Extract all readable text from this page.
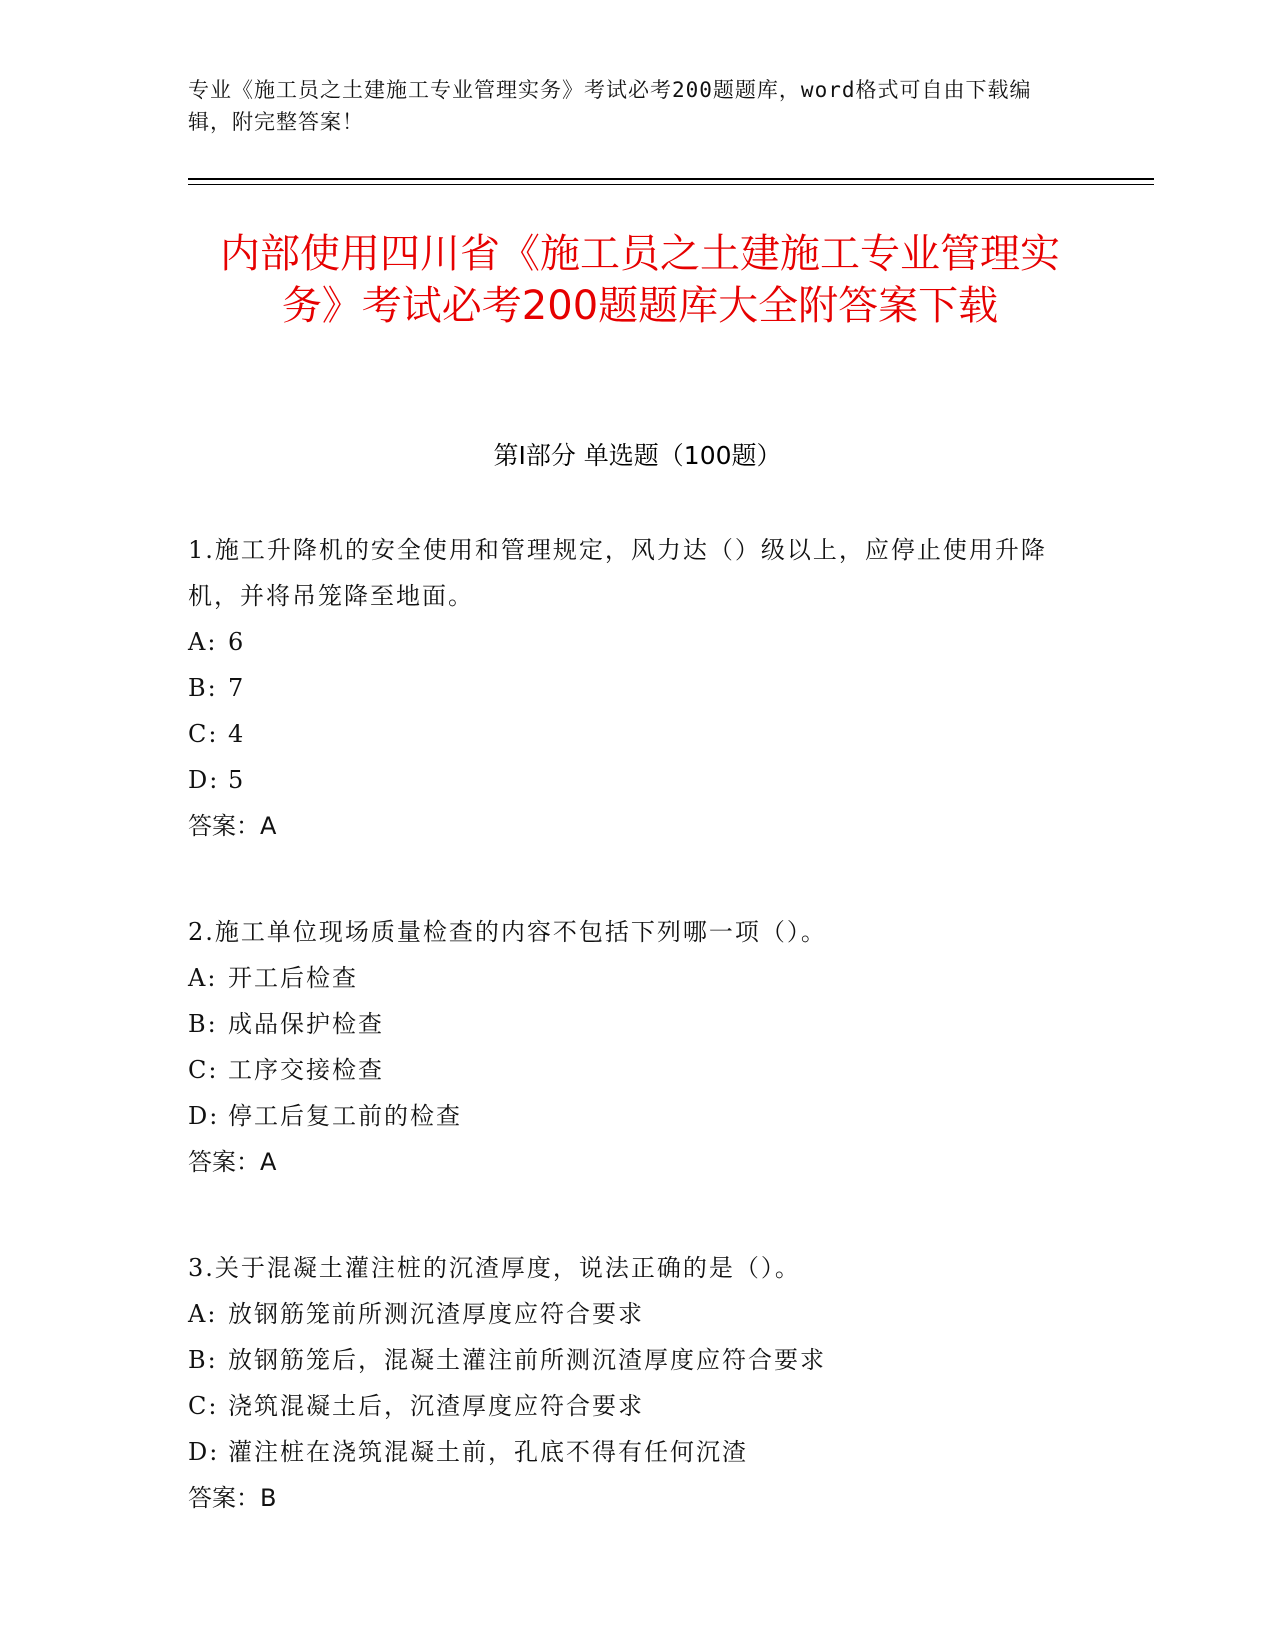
专业《施工员之土建施工专业管理实务》考试必考200题题库，word格式可自由下载编辑，附完整答案！
内部使用四川省《施工员之土建施工专业管理实务》考试必考200题题库大全附答案下载
第Ⅰ部分 单选题（100题）
1.施工升降机的安全使用和管理规定，风力达（）级以上，应停止使用升降机，并将吊笼降至地面。
A: 6
B: 7
C: 4
D: 5
答案：A
2.施工单位现场质量检查的内容不包括下列哪一项（）。
A: 开工后检查
B: 成品保护检查
C: 工序交接检查
D: 停工后复工前的检查
答案：A
3.关于混凝土灌注桩的沉渣厚度，说法正确的是（）。
A: 放钢筋笼前所测沉渣厚度应符合要求
B: 放钢筋笼后，混凝土灌注前所测沉渣厚度应符合要求
C: 浇筑混凝土后，沉渣厚度应符合要求
D: 灌注桩在浇筑混凝土前，孔底不得有任何沉渣
答案：B
